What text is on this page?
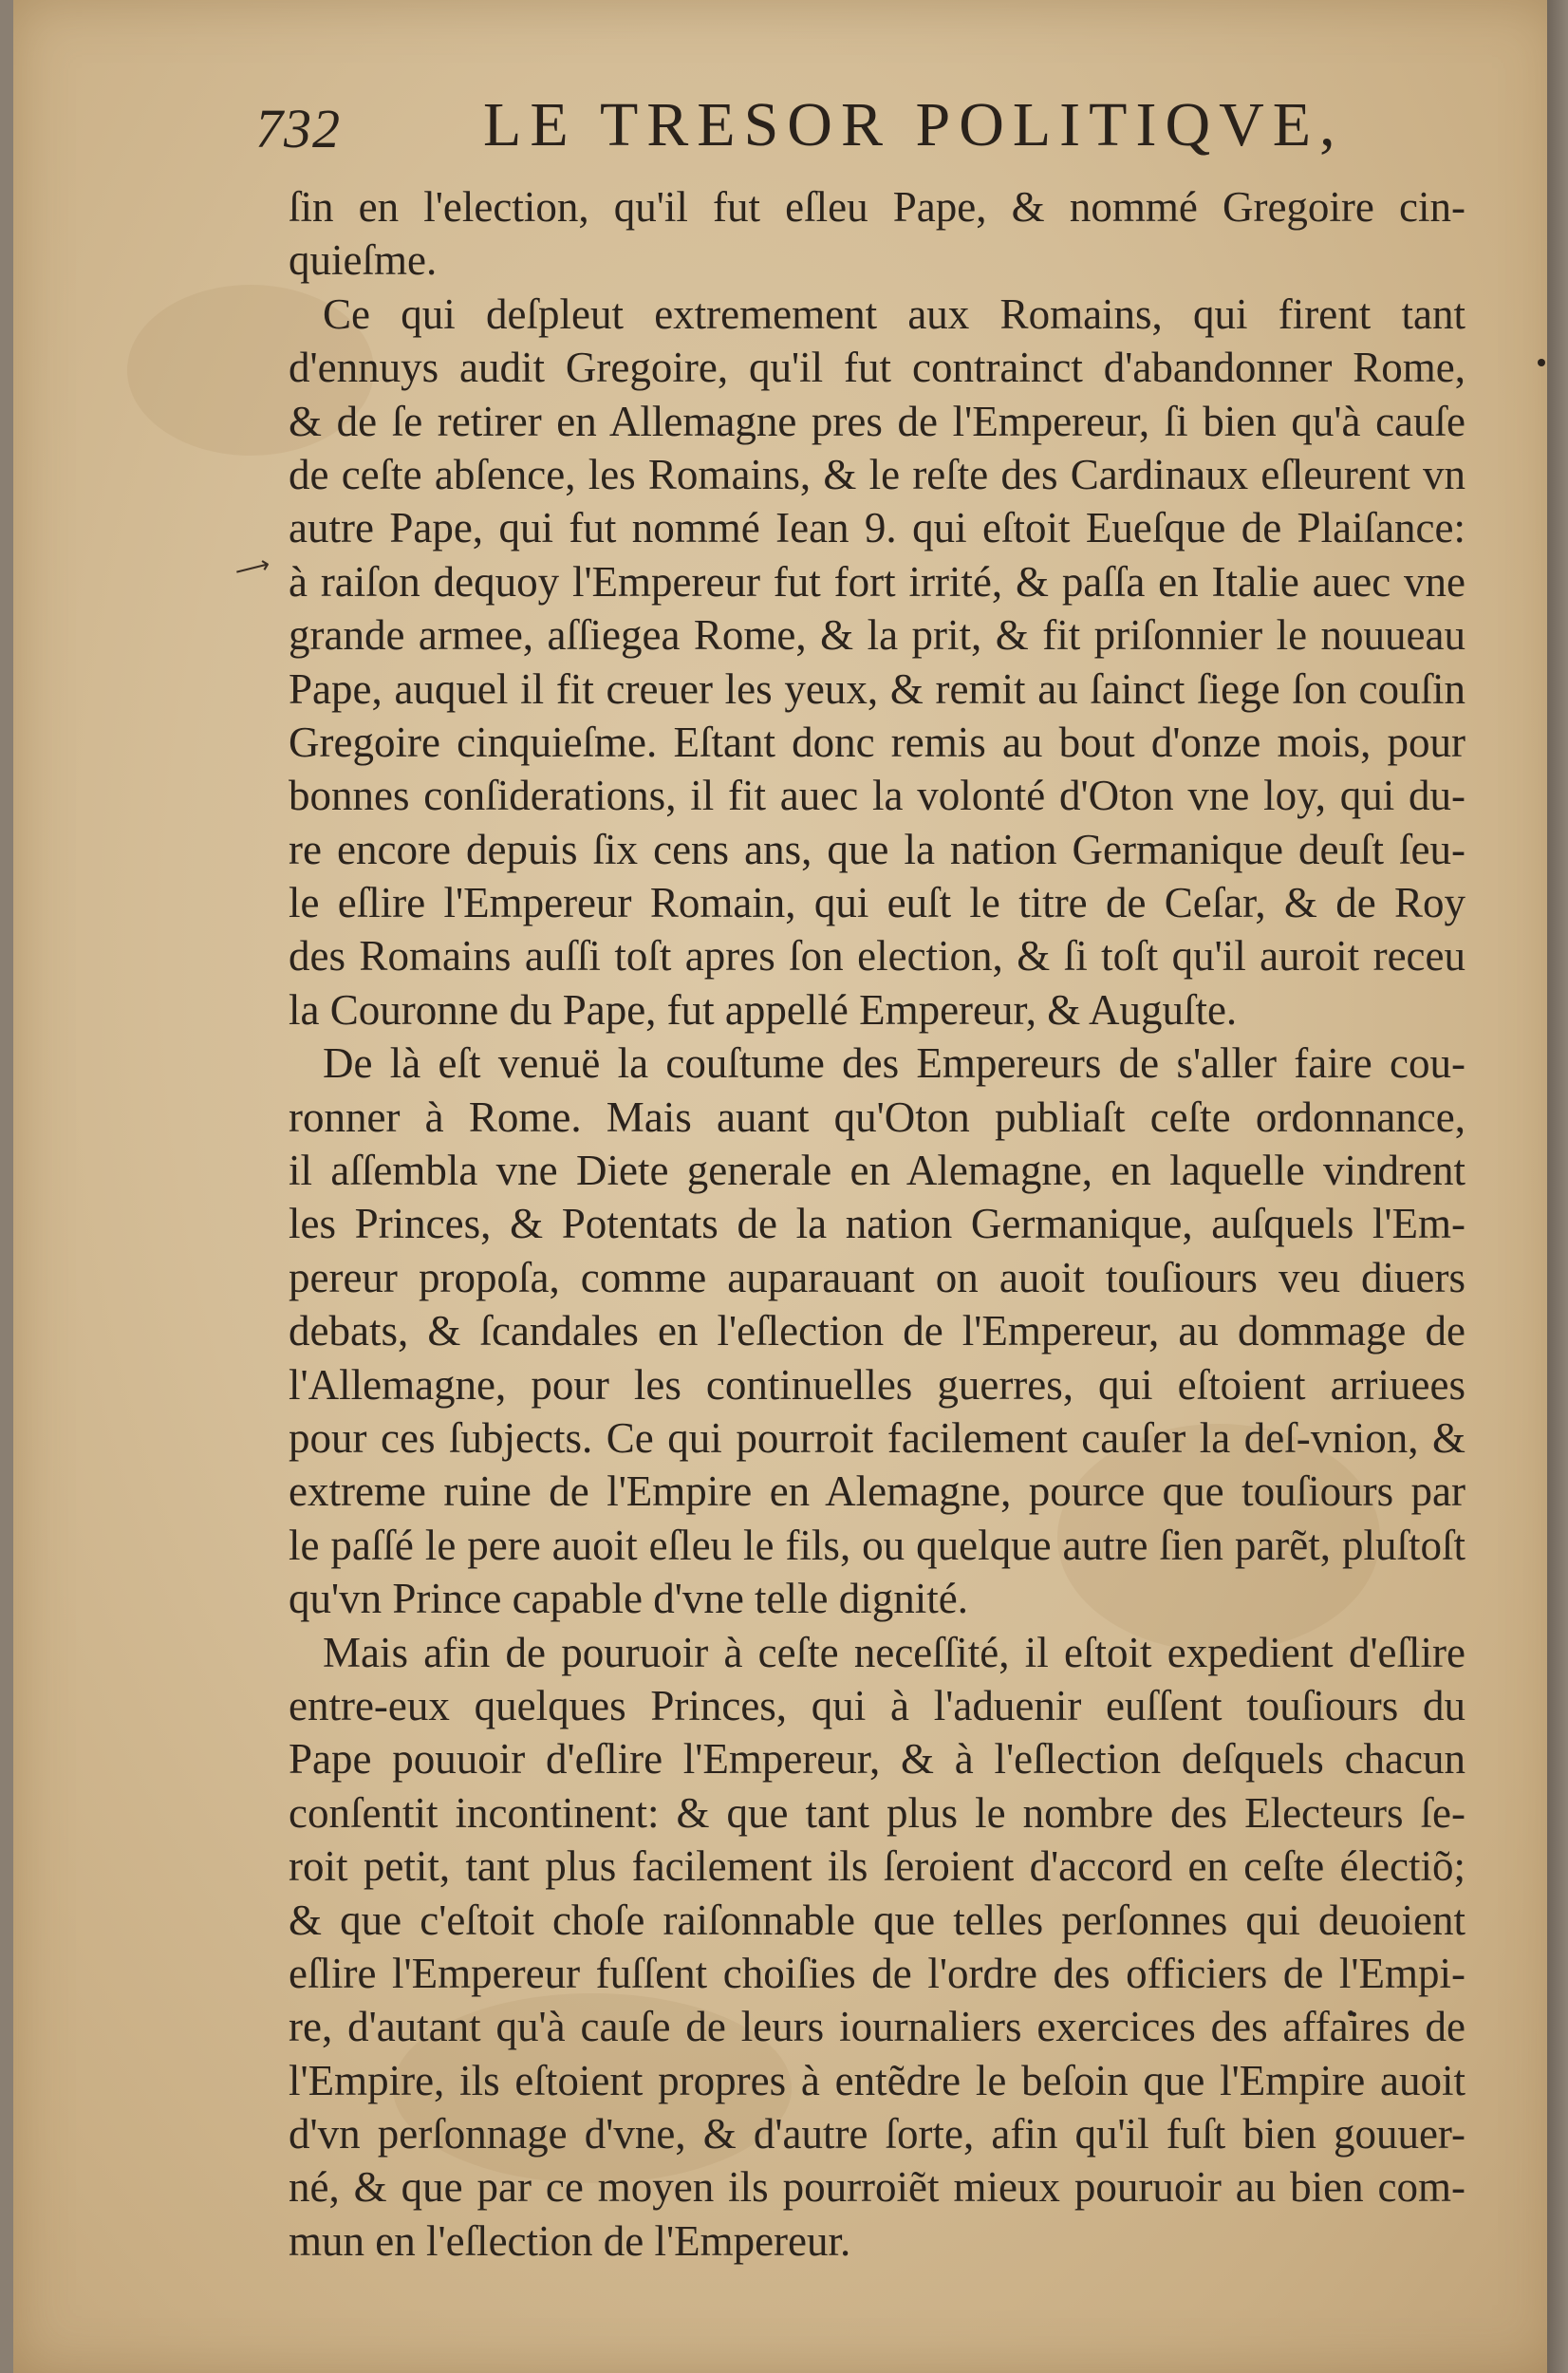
732 LE TRESOR POLITIQVE,
⟶
ſin en l'election, qu'il fut eſleu Pape, & nommé Gregoire cin-
quieſme.
Ce qui deſpleut extremement aux Romains, qui firent tant
d'ennuys audit Gregoire, qu'il fut contrainct d'abandonner Rome,
& de ſe retirer en Allemagne pres de l'Empereur, ſi bien qu'à cauſe
de ceſte abſence, les Romains, & le reſte des Cardinaux eſleurent vn
autre Pape, qui fut nommé Iean 9. qui eſtoit Eueſque de Plaiſance:
à raiſon dequoy l'Empereur fut fort irrité, & paſſa en Italie auec vne
grande armee, aſſiegea Rome, & la prit, & fit priſonnier le nouueau
Pape, auquel il fit creuer les yeux, & remit au ſainct ſiege ſon couſin
Gregoire cinquieſme. Eſtant donc remis au bout d'onze mois, pour
bonnes conſiderations, il fit auec la volonté d'Oton vne loy, qui du-
re encore depuis ſix cens ans, que la nation Germanique deuſt ſeu-
le eſlire l'Empereur Romain, qui euſt le titre de Ceſar, & de Roy
des Romains auſſi toſt apres ſon election, & ſi toſt qu'il auroit receu
la Couronne du Pape, fut appellé Empereur, & Auguſte.
De là eſt venuë la couſtume des Empereurs de s'aller faire cou-
ronner à Rome. Mais auant qu'Oton publiaſt ceſte ordonnance,
il aſſembla vne Diete generale en Alemagne, en laquelle vindrent
les Princes, & Potentats de la nation Germanique, auſquels l'Em-
pereur propoſa, comme auparauant on auoit touſiours veu diuers
debats, & ſcandales en l'eſlection de l'Empereur, au dommage de
l'Allemagne, pour les continuelles guerres, qui eſtoient arriuees
pour ces ſubjects. Ce qui pourroit facilement cauſer la deſ-vnion, &
extreme ruine de l'Empire en Alemagne, pource que touſiours par
le paſſé le pere auoit eſleu le fils, ou quelque autre ſien parẽt, pluſtoſt
qu'vn Prince capable d'vne telle dignité.
Mais afin de pouruoir à ceſte neceſſité, il eſtoit expedient d'eſlire
entre-eux quelques Princes, qui à l'aduenir euſſent touſiours du
Pape pouuoir d'eſlire l'Empereur, & à l'eſlection deſquels chacun
conſentit incontinent: & que tant plus le nombre des Electeurs ſe-
roit petit, tant plus facilement ils ſeroient d'accord en ceſte électiõ;
& que c'eſtoit choſe raiſonnable que telles perſonnes qui deuoient
eſlire l'Empereur fuſſent choiſies de l'ordre des officiers de l'Empi-
re, d'autant qu'à cauſe de leurs iournaliers exercices des affaires de
l'Empire, ils eſtoient propres à entẽdre le beſoin que l'Empire auoit
d'vn perſonnage d'vne, & d'autre ſorte, afin qu'il fuſt bien gouuer-
né, & que par ce moyen ils pourroiẽt mieux pouruoir au bien com-
mun en l'eſlection de l'Empereur.
